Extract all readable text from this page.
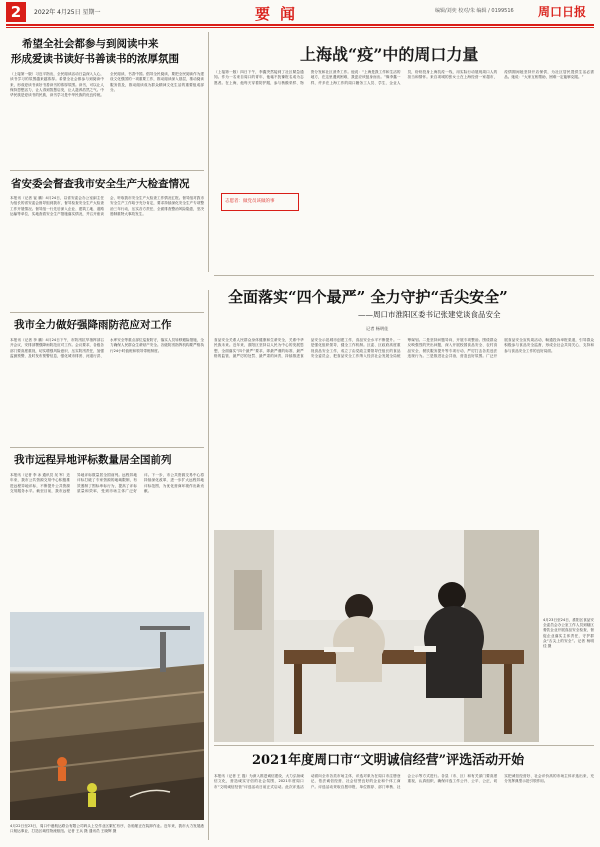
2	2022年 4月25日 星期一	要闻	编辑/刘奕 校对/朱 编辑 / 0199516 周口日报
希望全社会都参与到阅读中来
形成爱读书读好书善读书的浓厚氛围
（上接第一版）习近平指出，全民阅读活动日益深入人心，读书学习的氛围越来越浓厚。希望全社会都参与到阅读中来，形成爱读书读好书善读书的浓厚氛围。读书，可以让人保持思想活力，让人得到智慧启发，让人滋养浩然之气。中华民族是爱读书的民族，读书学习是中华民族的优良传统。全民阅读，书香中国。倡导全民阅读，要把全民阅读作为建设文化强国的一项重要工作，推动阅读深入基层，推动阅读服务普及，推动阅读成为群众精神文化生活的重要组成部分。
省安委会督查我市安全生产大检查情况
本报讯（记者 崔 鹏）4月24日，以省安委会办公室副主任为组长的省安委会督导组到我市，督导检查安全生产大检查工作开展情况。督导组一行先后深入企业、建筑工地、道路运输等单位，实地查看安全生产措施落实情况，并召开座谈会，听取我市安全生产大检查工作情况汇报。督导组对我市安全生产工作给予充分肯定，要求持续深化安全生产专项整治三年行动，压实各方责任，全面排查整治风险隐患，坚决遏制重特大事故发生。
我市全力做好强降雨防范应对工作
本报讯（记者 李 鹏）4月24日下午，市防汛抗旱指挥部召开会议，安排部署强降雨防范应对工作。会议要求，各级各部门要高度重视，切实增强风险意识，压实防汛责任，加强监测预警，及时发布预警信息，强化城市排涝、河道行洪、水库安全等重点部位巡查防守，落实人员转移避险措施，全力确保人民群众生命财产安全。各级防汛指挥机构要严格执行24小时值班和领导带班制度。
我市远程异地评标数量居全国前列
本报讯（记者 李 冰 通讯员 吴 军）近年来，我市公共资源交易中心积极推进远程异地评标，不断提升公共资源交易服务水平。截至目前，我市远程异地评标数量居全国前列。远程异地评标打破了专家资源的地域限制，有效遏制了围标串标行为，提高了评标质量和效率，受到市场主体广泛好评。下一步，市公共资源交易中心将持续深化改革，进一步扩大远程异地评标范围，为优化营商环境作出新贡献。
4月22日至23日，周口中港航运联合有限公司码头上空作业区繁忙有序，各船舶正在装卸作业。近年来，我市大力发展港口航运事业，打造区域性物流枢纽。记者 王兵 摄 通讯员 王晓辉 摄
上海战“疫”中的周口力量
（上接第一版）四日下午，李鑫突然接到了社区紧急通知。作为一名来自周口的青年，他毫不犹豫报名成为志愿者。在上海，他每天穿着防护服，参与核酸采样、物资分发和社区消杀工作。他说：“上海是我工作和生活的地方，在这里遇到困难，我更应该挺身而出。”像李鑫一样，许多在上海工作的周口籍务工人员、学生、企业人员，纷纷投身上海抗疫一线，用实际行动展现周口人的担当和情怀。来自项城的张女士在上海经营一家超市，疫情期间她坚持开店保供，为社区居民提供生活必需品。她说：“大家互相帮助，困难一定能够克服。”
志愿者：做党员该做的事
全面落实“四个最严” 全力守护“舌尖安全”
——周口市淮阳区委书记张建党谈食品安全
记者 杨明佳
食品安全关系人民群众身体健康和生命安全，关系中华民族未来。近年来，淮阳区坚持以人民为中心的发展思想，全面落实“四个最严”要求，即最严谨的标准、最严格的监管、最严厉的处罚、最严肃的问责，持续推进食品安全示范城市创建工作，食品安全水平不断提升。一是强化组织领导，健全工作机制。区委、区政府高度重视食品安全工作，成立了由党政主要领导任组长的食品安全委员会，把食品安全工作纳入经济社会发展全局统筹谋划。二是坚持问题导向，开展专项整治。围绕群众反映强烈的突出问题，深入开展校园食品安全、农村食品安全、餐饮服务提升等专项行动，严厉打击各类违法违规行为。三是推进社会共治，营造良好氛围。广泛开展食品安全宣传周活动，畅通投诉举报渠道，引导群众积极参与食品安全监督，形成全社会共同关心、支持和参与食品安全工作的良好局面。
4月23日至24日，淮阳区食品安全委员会办公室工作人员到辖区餐饮企业开展食品安全检查，督促企业落实主体责任，守护群众“舌尖上的安全”。记者 杨明佳 摄
2021年度周口市“文明诚信经营”评选活动开始
本报讯（记者 王 磊）为深入推进诚信建设，大力弘扬诚信文化，营造诚实守信的社会氛围，2021年度周口市“文明诚信经营”评选活动日前正式启动。此次评选活动面向全市各类市场主体，评选对象为在周口市注册登记、依法诚信经营、社会信誉良好的企业和个体工商户。评选活动采取自愿申报、单位推荐、部门审核、社会公示等方式进行。各县（市、区）和有关部门要高度重视，认真组织，确保评选工作公开、公平、公正，切实把诚信经营好、社会评价高的市场主体评选出来，充分发挥典型示范引领作用。
